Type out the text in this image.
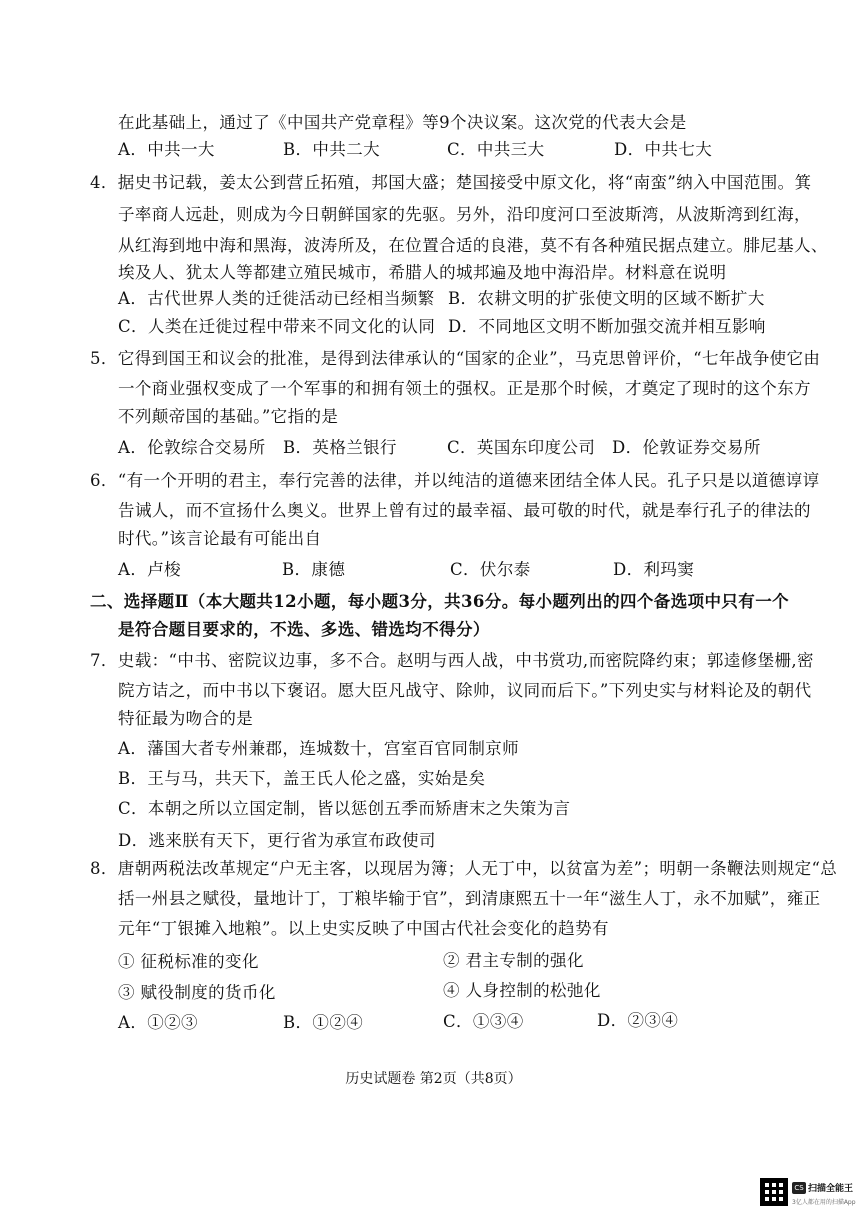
在此基础上，通过了《中国共产党章程》等9个决议案。这次党的代表大会是
A．中共一大	B．中共二大	C．中共三大	D．中共七大
4．据史书记载，姜太公到营丘拓殖，邦国大盛；楚国接受中原文化，将“南蛮”纳入中国范围。箕
子率商人远赴，则成为今日朝鲜国家的先驱。另外，沿印度河口至波斯湾，从波斯湾到红海，
从红海到地中海和黑海，波涛所及，在位置合适的良港，莫不有各种殖民据点建立。腓尼基人、
埃及人、犹太人等都建立殖民城市，希腊人的城邦遍及地中海沿岸。材料意在说明
A．古代世界人类的迁徙活动已经相当频繁 B．农耕文明的扩张使文明的区域不断扩大
C．人类在迁徙过程中带来不同文化的认同 D．不同地区文明不断加强交流并相互影响
5．它得到国王和议会的批准，是得到法律承认的“国家的企业”，马克思曾评价，“七年战争使它由
一个商业强权变成了一个军事的和拥有领土的强权。正是那个时候，才奠定了现时的这个东方
不列颠帝国的基础。”它指的是
A．伦敦综合交易所 B．英格兰银行	C．英国东印度公司 D．伦敦证券交易所
6．“有一个开明的君主，奉行完善的法律，并以纯洁的道德来团结全体人民。孔子只是以道德谆谆
告诫人，而不宣扬什么奥义。世界上曾有过的最幸福、最可敬的时代，就是奉行孔子的律法的
时代。”该言论最有可能出自
A．卢梭	B．康德	C．伏尔泰	D．利玛窦
二、选择题Ⅱ（本大题共12小题，每小题3分，共36分。每小题列出的四个备选项中只有一个
是符合题目要求的，不选、多选、错选均不得分）
7．史载：“中书、密院议边事，多不合。赵明与西人战，中书赏功,而密院降约束；郭逵修堡栅,密
院方诘之，而中书以下褒诏。愿大臣凡战守、除帅，议同而后下。”下列史实与材料论及的朝代
特征最为吻合的是
A．藩国大者专州兼郡，连城数十，宫室百官同制京师
B．王与马，共天下，盖王氏人伦之盛，实始是矣
C．本朝之所以立国定制，皆以惩创五季而矫唐末之失策为言
D．逃来朕有天下，更行省为承宣布政使司
8．唐朝两税法改革规定“户无主客，以现居为簿；人无丁中，以贫富为差”；明朝一条鞭法则规定“总
括一州县之赋役，量地计丁，丁粮毕输于官”，到清康熙五十一年“滋生人丁，永不加赋”，雍正
元年“丁银摊入地粮”。以上史实反映了中国古代社会变化的趋势有
① 征税标准的变化	② 君主专制的强化
③ 赋役制度的货币化	④ 人身控制的松弛化
A．①②③	B．①②④	C．①③④	D．②③④
历史试题卷 第2页（共8页）
CS 扫描全能王
3亿人都在用的扫描App
